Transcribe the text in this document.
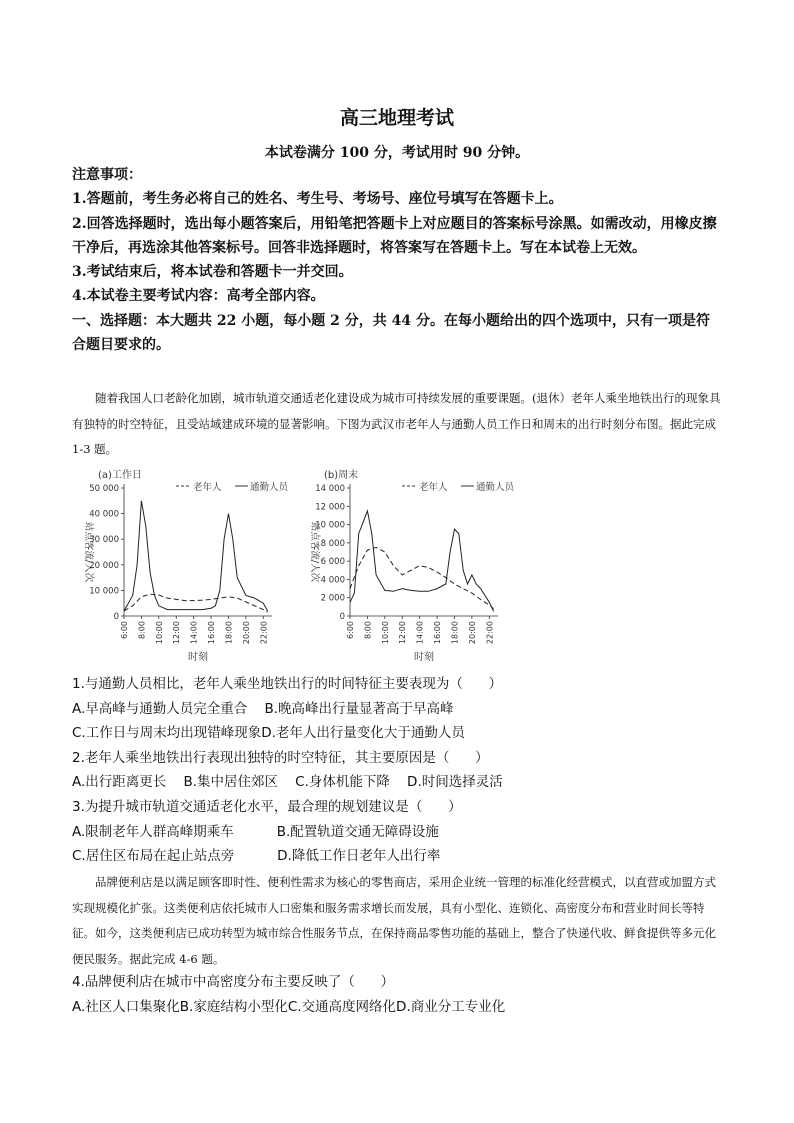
高三地理考试
本试卷满分 100 分，考试用时 90 分钟。

注意事项：

1.答题前，考生务必将自己的姓名、考生号、考场号、座位号填写在答题卡上。

2.回答选择题时，选出每小题答案后，用铅笔把答题卡上对应题目的答案标号涂黑。如需改动，用橡皮擦干净后，再选涂其他答案标号。回答非选择题时，将答案写在答题卡上。写在本试卷上无效。

3.考试结束后，将本试卷和答题卡一并交回。

4.本试卷主要考试内容：高考全部内容。

一、选择题：本大题共 22 小题，每小题 2 分，共 44 分。在每小题给出的四个选项中，只有一项是符合题目要求的。

随着我国人口老龄化加剧，城市轨道交通适老化建设成为城市可持续发展的重要课题。(退休）老年人乘坐地铁出行的现象具有独特的时空特征，且受站域建成环境的显著影响。下图为武汉市老年人与通勤人员工作日和周末的出行时刻分布图。据此完成 1-3 题。

(a)工作日
老年人	通勤人员
0
10 000
20 000
30 000
40 000
50 000
6:00 8:00 10:00 12:00 14:00 16:00 18:00 20:00 22:00
站点客流/人次
时刻
(b)周末
老年人	通勤人员
0
2 000
4 000
6 000
8 000
10 000
12 000
14 000
6:00 8:00 10:00 12:00 14:00 16:00 18:00 20:00 22:00
站点客流/人次
时刻

1.与通勤人员相比，老年人乘坐地铁出行的时间特征主要表现为（      ）

A.早高峰与通勤人员完全重合    B.晚高峰出行量显著高于早高峰

C.工作日与周末均出现错峰现象D.老年人出行量变化大于通勤人员

2.老年人乘坐地铁出行表现出独特的时空特征，其主要原因是（      ）

A.出行距离更长    B.集中居住郊区    C.身体机能下降    D.时间选择灵活

3.为提升城市轨道交通适老化水平，最合理的规划建议是（      ）

A.限制老年人群高峰期乘车          B.配置轨道交通无障碍设施

C.居住区布局在起止站点旁          D.降低工作日老年人出行率

品牌便利店是以满足顾客即时性、便利性需求为核心的零售商店，采用企业统一管理的标准化经营模式，以直营或加盟方式实现规模化扩张。这类便利店依托城市人口密集和服务需求增长而发展，具有小型化、连锁化、高密度分布和营业时间长等特征。如今，这类便利店已成功转型为城市综合性服务节点，在保持商品零售功能的基础上，整合了快递代收、鲜食提供等多元化便民服务。据此完成 4-6 题。

4.品牌便利店在城市中高密度分布主要反映了（      ）

A.社区人口集聚化B.家庭结构小型化C.交通高度网络化D.商业分工专业化
